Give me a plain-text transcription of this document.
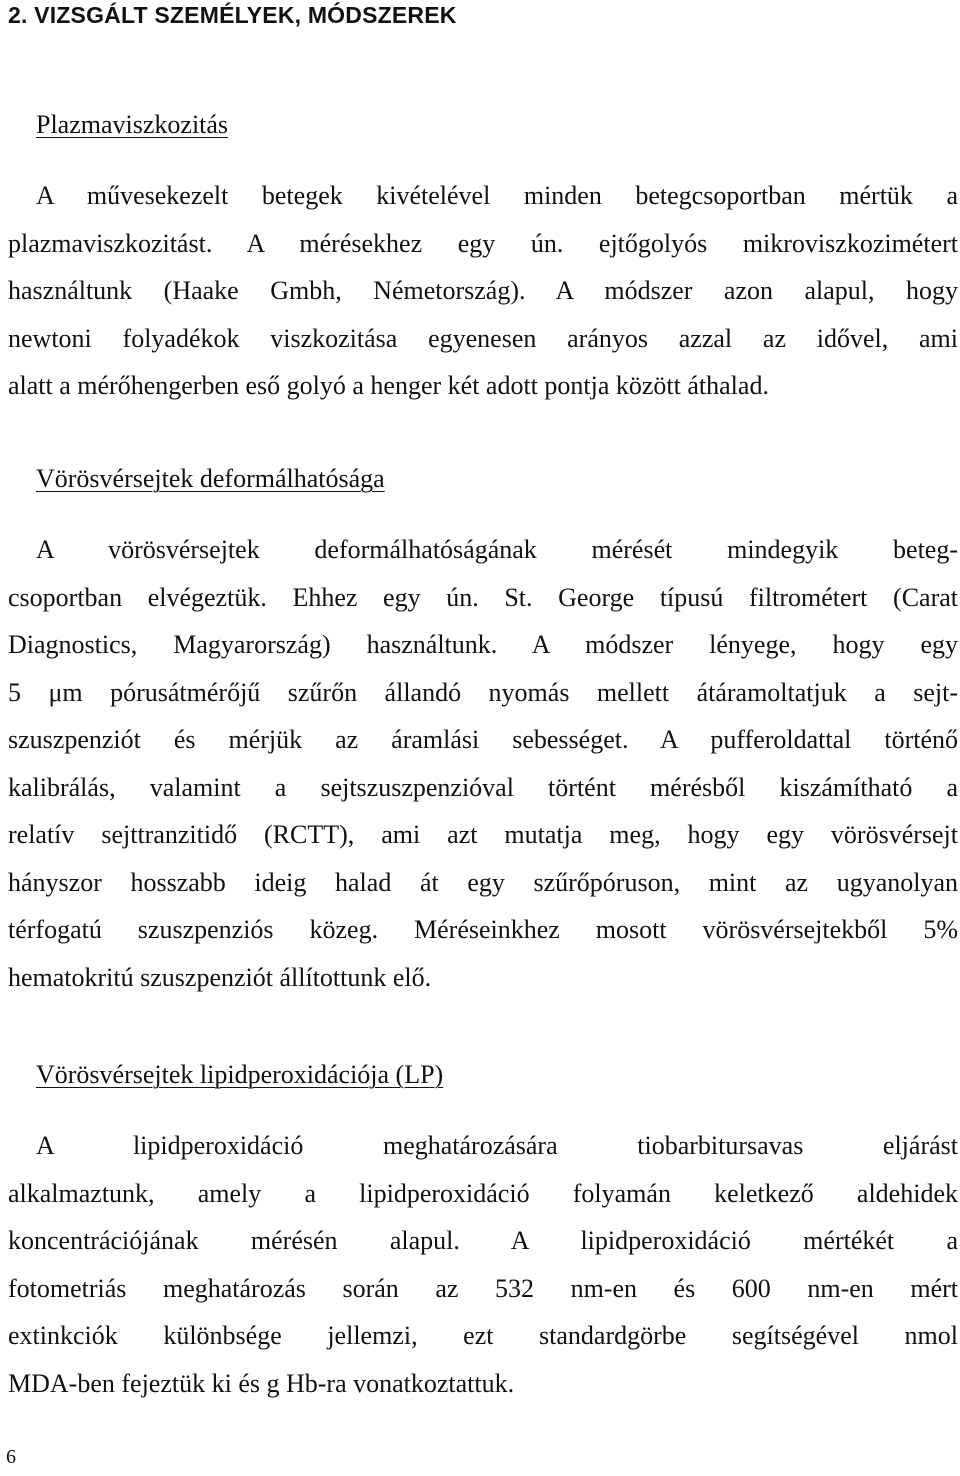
2. VIZSGÁLT SZEMÉLYEK, MÓDSZEREK
Plazmaviszkozitás
A művesekezelt betegek kivételével minden betegcsoportban mértük a
plazmaviszkozitást. A mérésekhez egy ún. ejtőgolyós mikroviszkozimétert
használtunk (Haake Gmbh, Németország). A módszer azon alapul, hogy
newtoni folyadékok viszkozitása egyenesen arányos azzal az idővel, ami
alatt a mérőhengerben eső golyó a henger két adott pontja között áthalad.
Vörösvérsejtek deformálhatósága
A vörösvérsejtek deformálhatóságának mérését mindegyik beteg-
csoportban elvégeztük. Ehhez egy ún. St. George típusú filtrométert (Carat
Diagnostics, Magyarország) használtunk. A módszer lényege, hogy egy
5 μm pórusátmérőjű szűrőn állandó nyomás mellett átáramoltatjuk a sejt-
szuszpenziót és mérjük az áramlási sebességet. A pufferoldattal történő
kalibrálás, valamint a sejtszuszpenzióval történt mérésből kiszámítható a
relatív sejttranzitidő (RCTT), ami azt mutatja meg, hogy egy vörösvérsejt
hányszor hosszabb ideig halad át egy szűrőpóruson, mint az ugyanolyan
térfogatú szuszpenziós közeg. Méréseinkhez mosott vörösvérsejtekből 5%
hematokritú szuszpenziót állítottunk elő.
Vörösvérsejtek lipidperoxidációja (LP)
A lipidperoxidáció meghatározására tiobarbitursavas eljárást
alkalmaztunk, amely a lipidperoxidáció folyamán keletkező aldehidek
koncentrációjának mérésén alapul. A lipidperoxidáció mértékét a
fotometriás meghatározás során az 532 nm-en és 600 nm-en mért
extinkciók különbsége jellemzi, ezt standardgörbe segítségével nmol
MDA-ben fejeztük ki és g Hb-ra vonatkoztattuk.
6
